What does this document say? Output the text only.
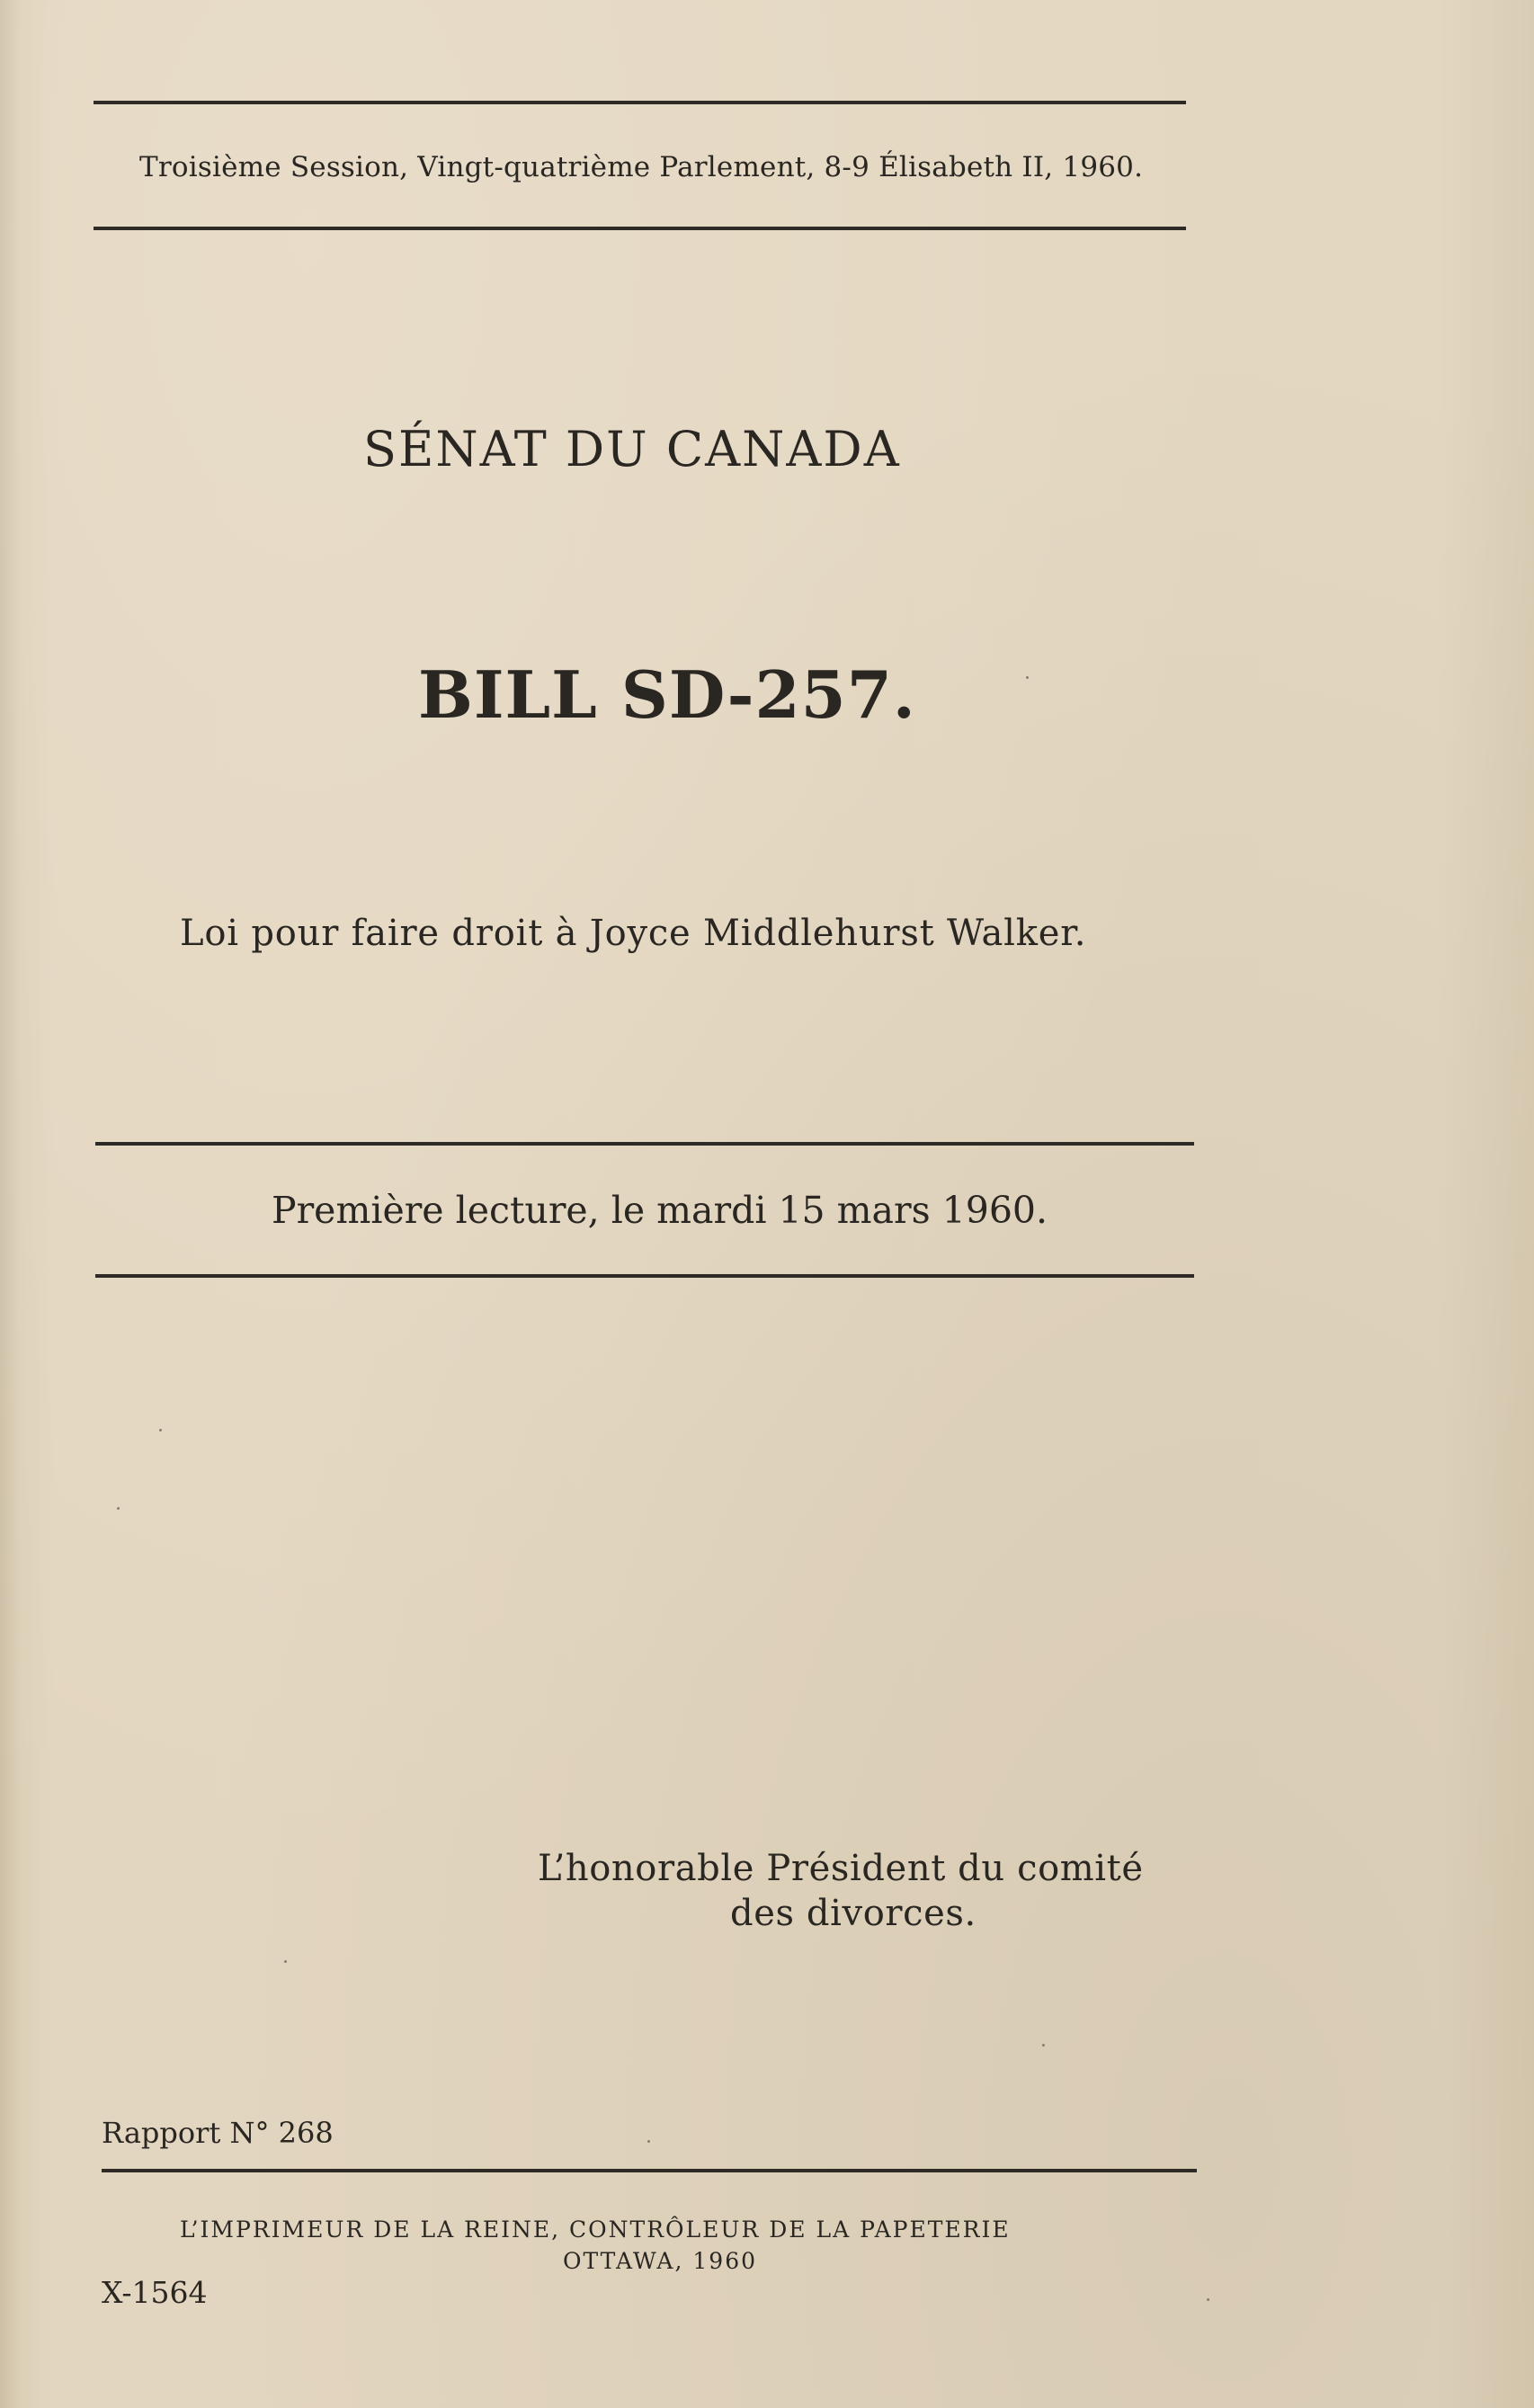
Troisième Session, Vingt-quatrième Parlement, 8-9 Élisabeth II, 1960.
SÉNAT DU CANADA
BILL SD-257.
Loi pour faire droit à Joyce Middlehurst Walker.
Première lecture, le mardi 15 mars 1960.
L’honorable Président du comité
des divorces.
Rapport N° 268
L’IMPRIMEUR DE LA REINE, CONTRÔLEUR DE LA PAPETERIE
OTTAWA, 1960
X-1564
